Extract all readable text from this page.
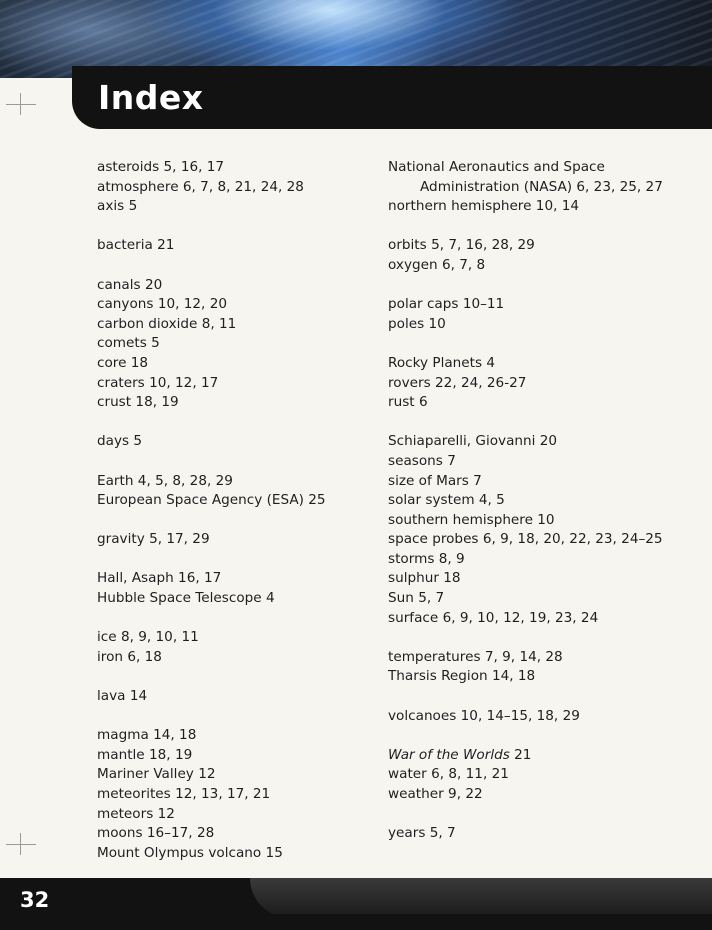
Index
asteroids 5, 16, 17
atmosphere 6, 7, 8, 21, 24, 28
axis 5
bacteria 21
canals 20
canyons 10, 12, 20
carbon dioxide 8, 11
comets 5
core 18
craters 10, 12, 17
crust 18, 19
days 5
Earth 4, 5, 8, 28, 29
European Space Agency (ESA) 25
gravity 5, 17, 29
Hall, Asaph 16, 17
Hubble Space Telescope 4
ice 8, 9, 10, 11
iron 6, 18
lava 14
magma 14, 18
mantle 18, 19
Mariner Valley 12
meteorites 12, 13, 17, 21
meteors 12
moons 16–17, 28
Mount Olympus volcano 15
National Aeronautics and Space
Administration (NASA) 6, 23, 25, 27
northern hemisphere 10, 14
orbits 5, 7, 16, 28, 29
oxygen 6, 7, 8
polar caps 10–11
poles 10
Rocky Planets 4
rovers 22, 24, 26-27
rust 6
Schiaparelli, Giovanni 20
seasons 7
size of Mars 7
solar system 4, 5
southern hemisphere 10
space probes 6, 9, 18, 20, 22, 23, 24–25
storms 8, 9
sulphur 18
Sun 5, 7
surface 6, 9, 10, 12, 19, 23, 24
temperatures 7, 9, 14, 28
Tharsis Region 14, 18
volcanoes 10, 14–15, 18, 29
War of the Worlds 21
water 6, 8, 11, 21
weather 9, 22
years 5, 7
32
